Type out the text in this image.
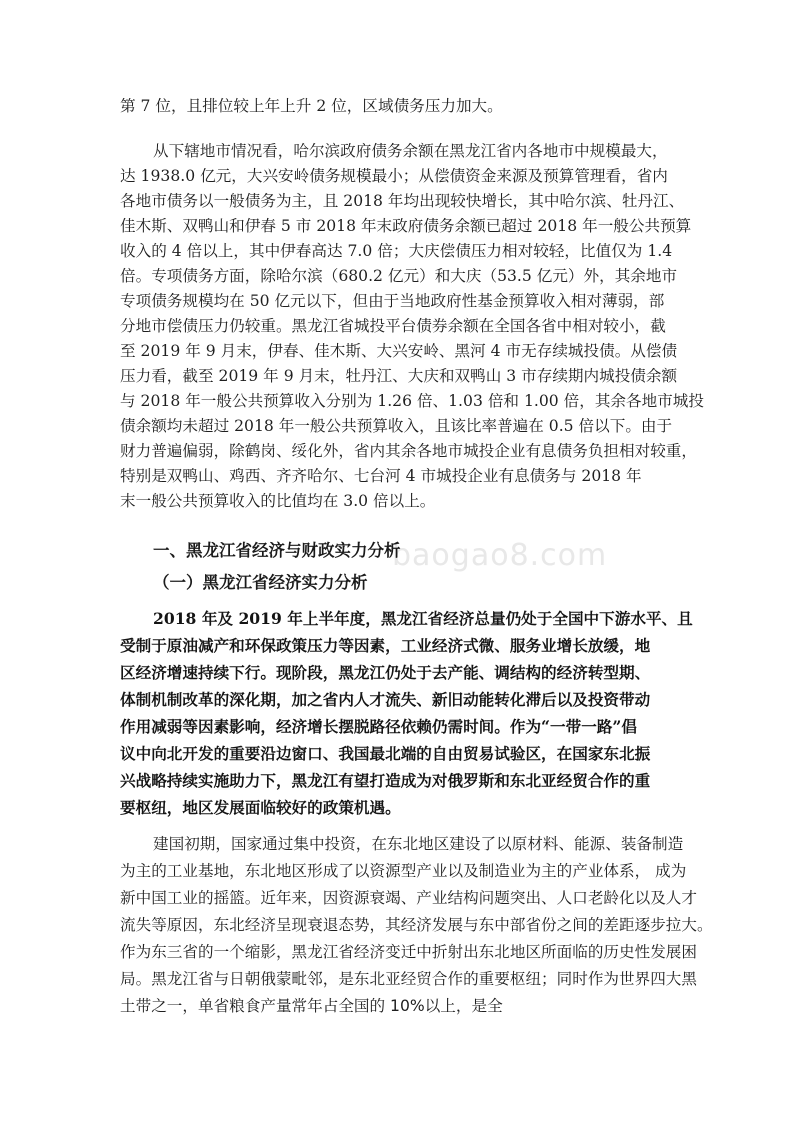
第 7 位，且排位较上年上升 2 位，区域债务压力加大。
从下辖地市情况看，哈尔滨政府债务余额在黑龙江省内各地市中规模最大，
达 1938.0 亿元，大兴安岭债务规模最小；从偿债资金来源及预算管理看，省内
各地市债务以一般债务为主，且 2018 年均出现较快增长，其中哈尔滨、牡丹江、
佳木斯、双鸭山和伊春 5 市 2018 年末政府债务余额已超过 2018 年一般公共预算
收入的 4 倍以上，其中伊春高达 7.0 倍；大庆偿债压力相对较轻，比值仅为 1.4
倍。专项债务方面，除哈尔滨（680.2 亿元）和大庆（53.5 亿元）外，其余地市
专项债务规模均在 50 亿元以下，但由于当地政府性基金预算收入相对薄弱，部
分地市偿债压力仍较重。黑龙江省城投平台债券余额在全国各省中相对较小，截
至 2019 年 9 月末，伊春、佳木斯、大兴安岭、黑河 4 市无存续城投债。从偿债
压力看，截至 2019 年 9 月末，牡丹江、大庆和双鸭山 3 市存续期内城投债余额
与 2018 年一般公共预算收入分别为 1.26 倍、1.03 倍和 1.00 倍，其余各地市城投
债余额均未超过 2018 年一般公共预算收入，且该比率普遍在 0.5 倍以下。由于
财力普遍偏弱，除鹤岗、绥化外，省内其余各地市城投企业有息债务负担相对较重，
特别是双鸭山、鸡西、齐齐哈尔、七台河 4 市城投企业有息债务与 2018 年
末一般公共预算收入的比值均在 3.0 倍以上。
baogao8.com
一、黑龙江省经济与财政实力分析
（一）黑龙江省经济实力分析
2018 年及 2019 年上半年度，黑龙江省经济总量仍处于全国中下游水平、且
受制于原油减产和环保政策压力等因素，工业经济式微、服务业增长放缓，地
区经济增速持续下行。现阶段，黑龙江仍处于去产能、调结构的经济转型期、
体制机制改革的深化期，加之省内人才流失、新旧动能转化滞后以及投资带动
作用减弱等因素影响，经济增长摆脱路径依赖仍需时间。作为“一带一路”倡
议中向北开发的重要沿边窗口、我国最北端的自由贸易试验区，在国家东北振
兴战略持续实施助力下，黑龙江有望打造成为对俄罗斯和东北亚经贸合作的重
要枢纽，地区发展面临较好的政策机遇。
建国初期，国家通过集中投资，在东北地区建设了以原材料、能源、装备制造
为主的工业基地，东北地区形成了以资源型产业以及制造业为主的产业体系， 成为
新中国工业的摇篮。近年来，因资源衰竭、产业结构问题突出、人口老龄化以及人才
流失等原因，东北经济呈现衰退态势，其经济发展与东中部省份之间的差距逐步拉大。
作为东三省的一个缩影，黑龙江省经济变迁中折射出东北地区所面临的历史性发展困
局。黑龙江省与日朝俄蒙毗邻，是东北亚经贸合作的重要枢纽；同时作为世界四大黑
土带之一，单省粮食产量常年占全国的 10%以上，是全
